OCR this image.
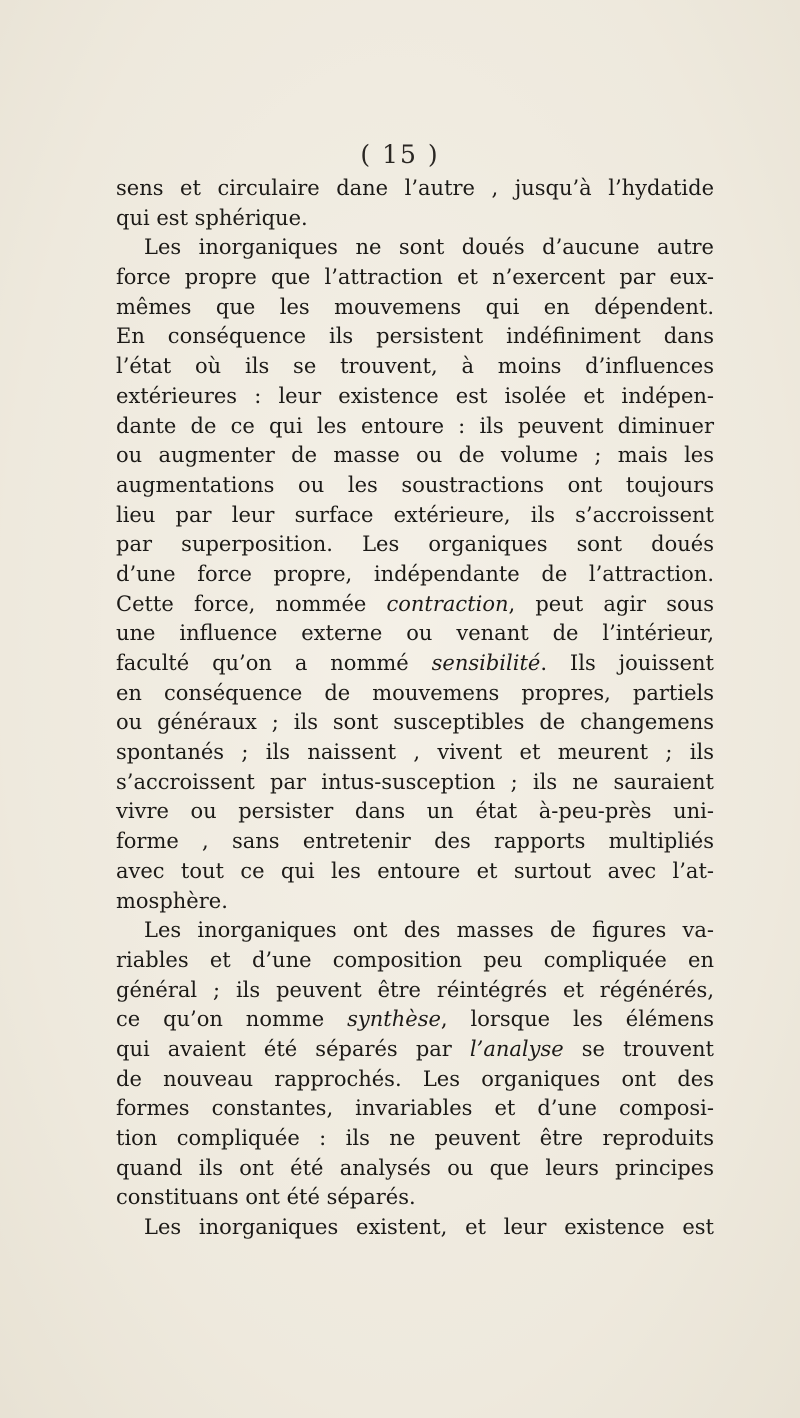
( 15 )
sens et circulaire dane l’autre , jusqu’à l’hydatide
qui est sphérique.
Les inorganiques ne sont doués d’aucune autre
force propre que l’attraction et n’exercent par eux-
mêmes que les mouvemens qui en dépendent.
En conséquence ils persistent indéfiniment dans
l’état où ils se trouvent, à moins d’influences
extérieures : leur existence est isolée et indépen-
dante de ce qui les entoure : ils peuvent diminuer
ou augmenter de masse ou de volume ; mais les
augmentations ou les soustractions ont toujours
lieu par leur surface extérieure, ils s’accroissent
par superposition. Les organiques sont doués
d’une force propre, indépendante de l’attraction.
Cette force, nommée contraction, peut agir sous
une influence externe ou venant de l’intérieur,
faculté qu’on a nommé sensibilité. Ils jouissent
en conséquence de mouvemens propres, partiels
ou généraux ; ils sont susceptibles de changemens
spontanés ; ils naissent , vivent et meurent ; ils
s’accroissent par intus-susception ; ils ne sauraient
vivre ou persister dans un état à-peu-près uni-
forme , sans entretenir des rapports multipliés
avec tout ce qui les entoure et surtout avec l’at-
mosphère.
Les inorganiques ont des masses de figures va-
riables et d’une composition peu compliquée en
général ; ils peuvent être réintégrés et régénérés,
ce qu’on nomme synthèse, lorsque les élémens
qui avaient été séparés par l’analyse se trouvent
de nouveau rapprochés. Les organiques ont des
formes constantes, invariables et d’une composi-
tion compliquée : ils ne peuvent être reproduits
quand ils ont été analysés ou que leurs principes
constituans ont été séparés.
Les inorganiques existent, et leur existence est
